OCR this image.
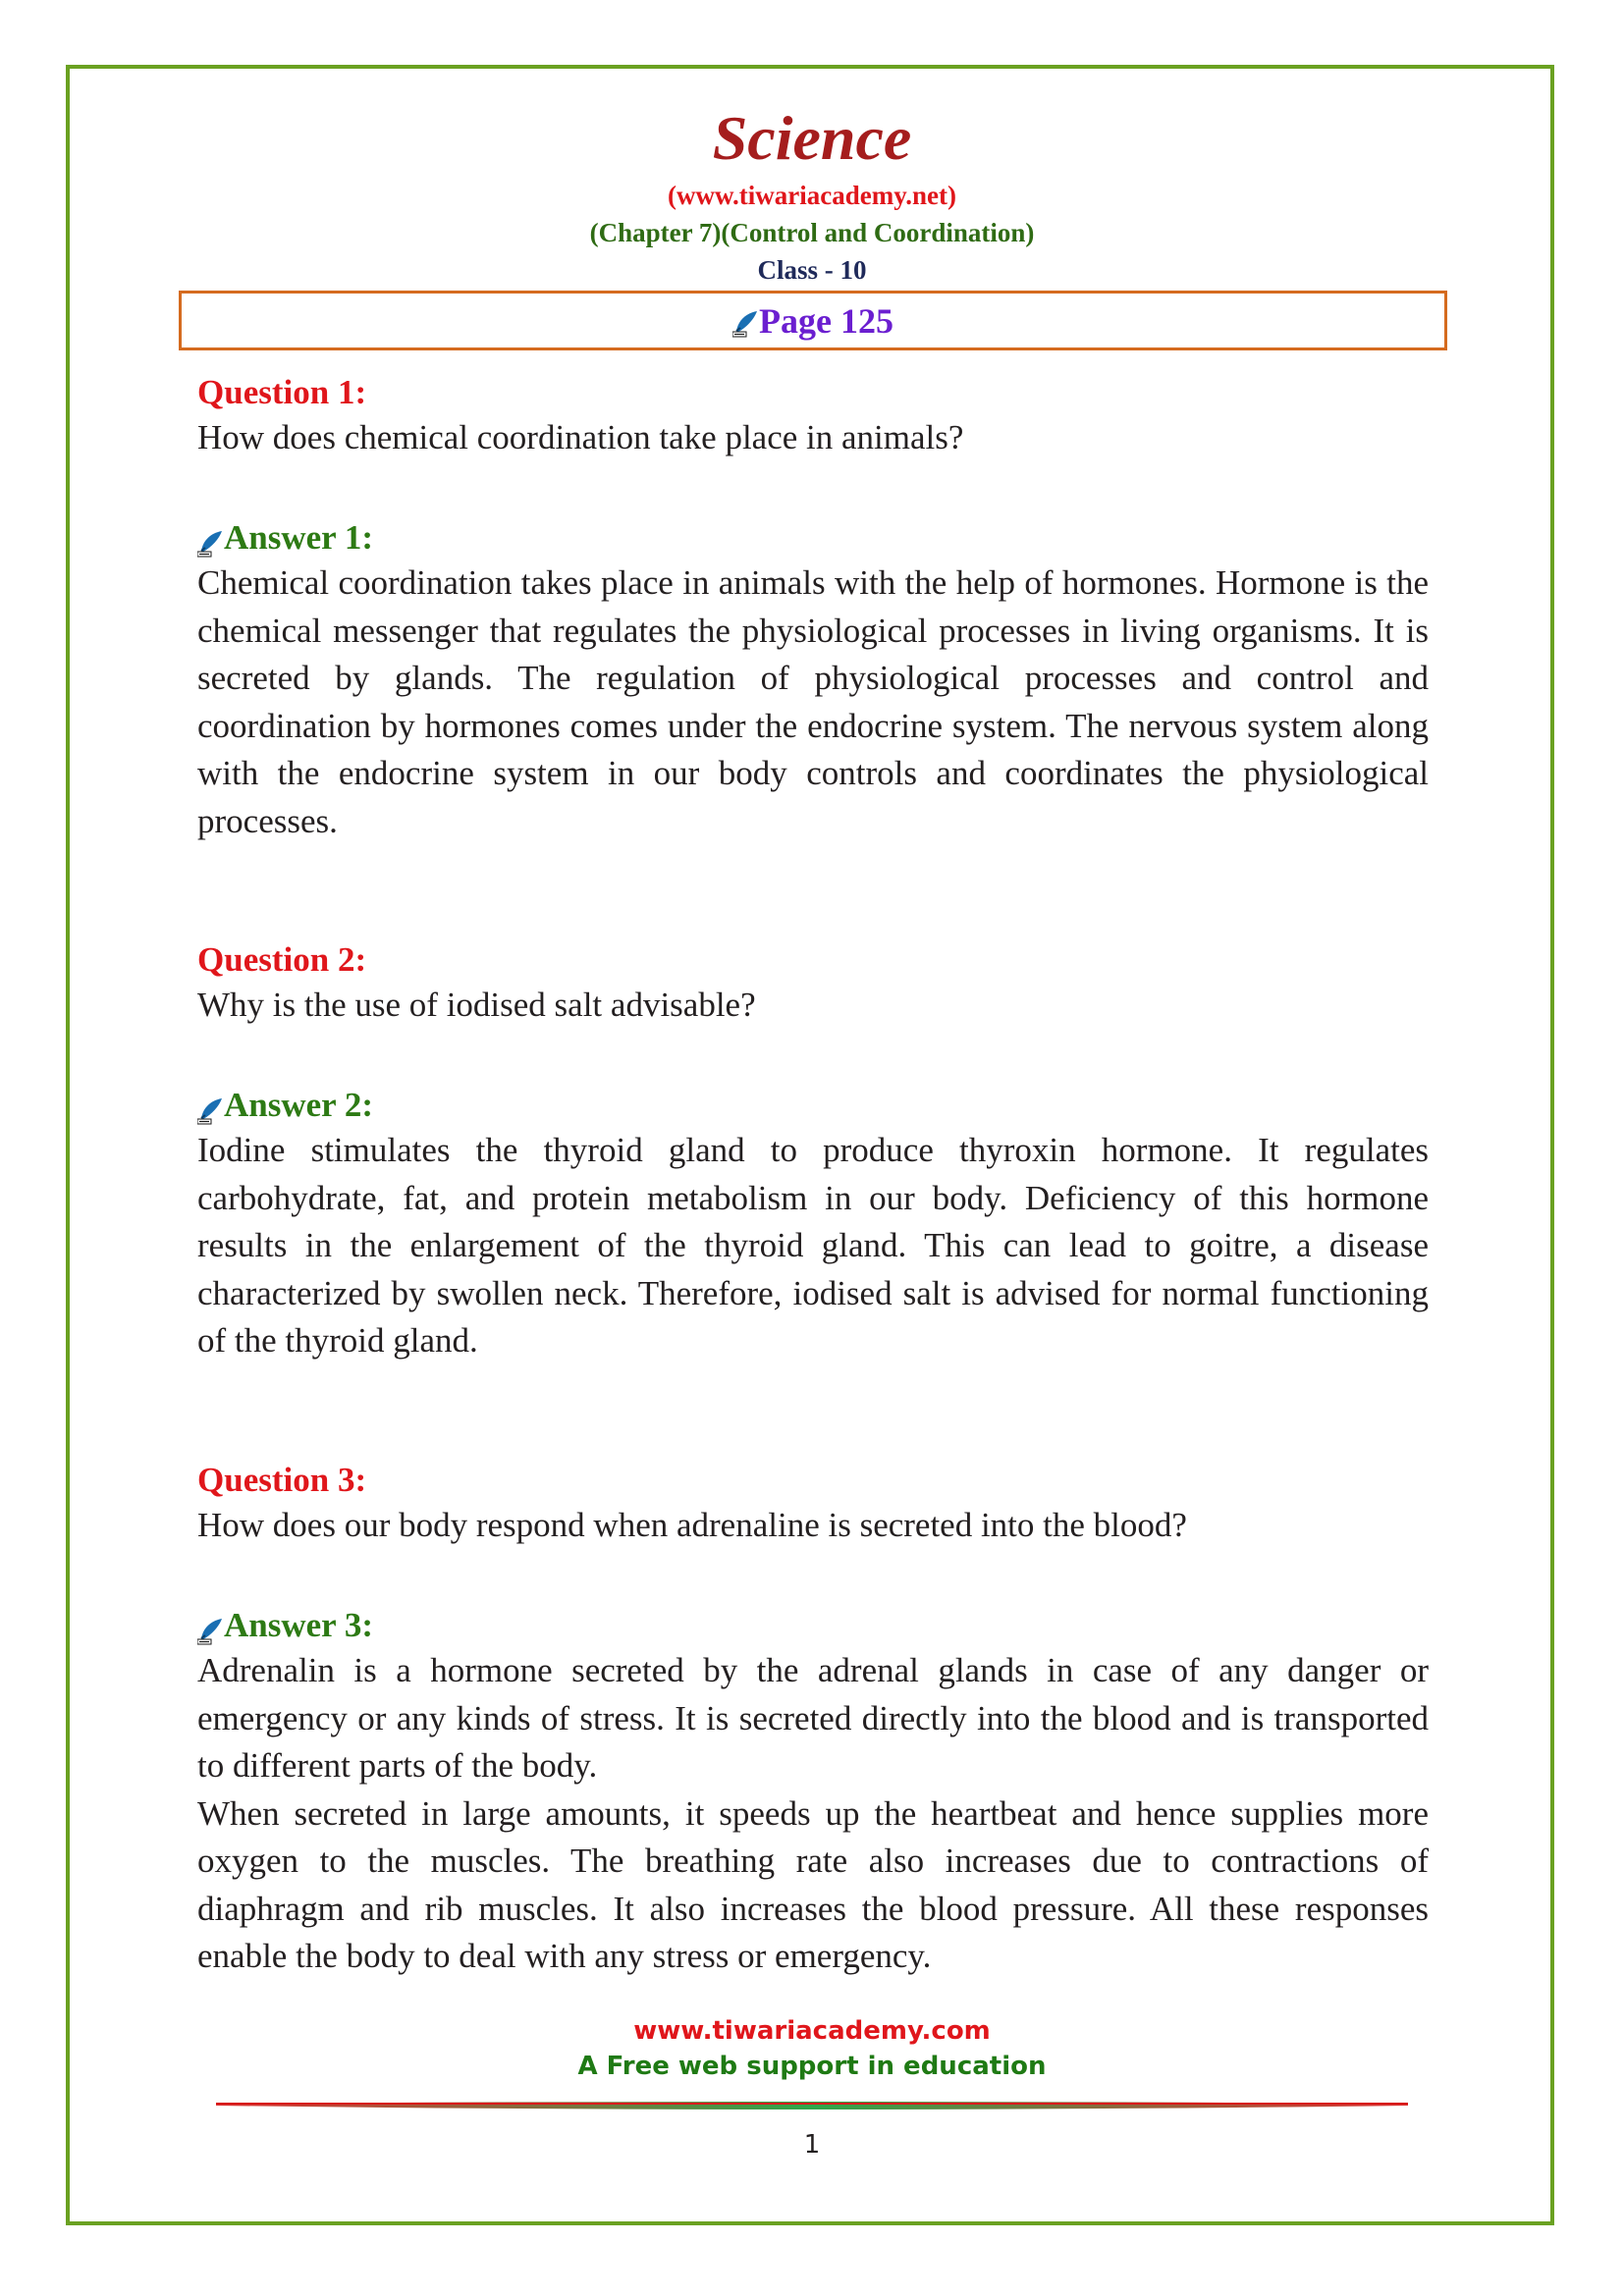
Science
(www.tiwariacademy.net)
(Chapter 7)(Control and Coordination)
Class - 10
Page 125

Question 1:

How does chemical coordination take place in animals?

Answer 1:

Chemical coordination takes place in animals with the help of hormones. Hormone is the chemical messenger that regulates the physiological processes in living organisms. It is secreted by glands. The regulation of physiological processes and control and coordination by hormones comes under the endocrine system. The nervous system along with the endocrine system in our body controls and coordinates the physiological processes.

Question 2:

Why is the use of iodised salt advisable?

Answer 2:

Iodine stimulates the thyroid gland to produce thyroxin hormone. It regulates carbohydrate, fat, and protein metabolism in our body. Deficiency of this hormone results in the enlargement of the thyroid gland. This can lead to goitre, a disease characterized by swollen neck. Therefore, iodised salt is advised for normal functioning of the thyroid gland.

Question 3:

How does our body respond when adrenaline is secreted into the blood?

Answer 3:

Adrenalin is a hormone secreted by the adrenal glands in case of any danger or emergency or any kinds of stress. It is secreted directly into the blood and is transported to different parts of the body.

When secreted in large amounts, it speeds up the heartbeat and hence supplies more oxygen to the muscles. The breathing rate also increases due to contractions of diaphragm and rib muscles. It also increases the blood pressure. All these responses enable the body to deal with any stress or emergency.

www.tiwariacademy.com
A Free web support in education
1
